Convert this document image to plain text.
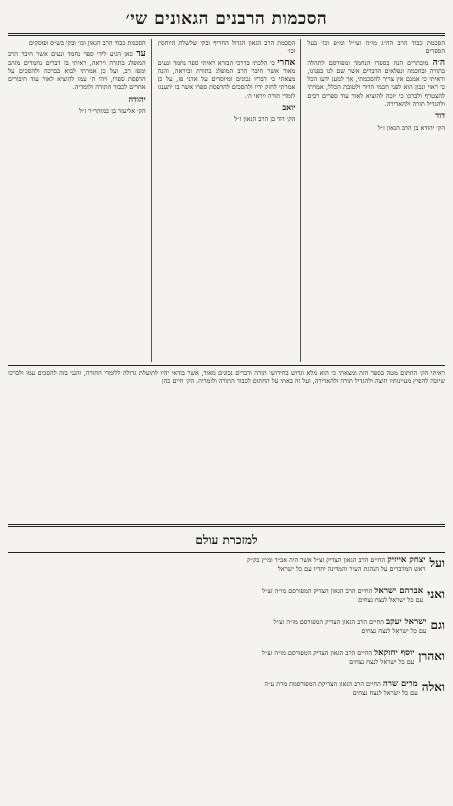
הסכמות הרבנים הגאונים שי׳

הסכמת כבוד הרב הה״ג מו״ה ועי״ל ומ״פ וכו׳ בעל הספרים

ה׳ה מוכתרים הנה בספרו הנחמד ומפורסם לתהלה בתורה ובחכמה ונפלאים הדברים אשר שם לנו בפנינו, וראיתי כי אמנם אין צריך להסכמתי, אך למען ידעו הכל כי ראוי ונכון הוא לפני חכמי הדור ולטובת הכלל, אמרתי להצטרף ולברכו כי יזכה להוציא לאור עוד ספרים רבים ולהגדיל תורה ולהאדירה.

דוד

הק׳ יהודא בן הרב הגאון ז״ל

הסכמת הרב הגאון הגדול החריף ובקי שלשלת היוחסין וכו׳

אחרי כי הלכתי בדרכי הבורא ראיתי ספר נחמד ונעים מאוד אשר חיבר הרב המופלג בתורה וביראה, והנה מצאתי כי דבריו נכונים ומיוסדים על אדני פז, על כן אמרתי לחזק ידיו ולהסכים להדפסת ספרו אשר בו יתענגו לומדי תורה ויראי ה׳.

יואב

הק׳ דוד בן הרב הגאון ז״ל

הסכמת כבוד הרב הגאון וכו׳ ובקי בש״ס ופוסקים

עד כאן הגיע לידי ספר נחמד ונעים אשר חיבר הרב המופלג בתורה ויראה, ראיתי בו דברים נחמדים מזהב ומפז רב, ועל כן אמרתי לבוא בברכה ולהסכים על הדפסת ספרו, ויהי ה׳ עמו להוציא לאור עוד חיבורים אחרים לכבוד התורה ולומדיה.

יהודה

הק׳ אליעזר בן כמוהר״ר ז״ל

ראיתי הק׳ החתום מטה בספר הזה ומצאתי כי הוא מלא וגדוש בחידושי תורה ודברים נכונים מאוד, אשר בודאי יהיו לתועלת גדולה ללומדי התורה, והנני בזה להסכים עמו ולברכו שיזכה להפיץ מעיינותיו חוצה ולהגדיל תורה ולהאדירה, ועל זה באתי על החתום לכבוד התורה ולומדיה. הק׳ חיים כהן

למזכרת עולם
ועל
יצחק אייזיק החיים הרב הגאון הצדיק זצ״ל אשר היה אב״ד ומ״ץ בק״ק
ראש המדברים על הנהגת העיר והמדינה יחדיו עם כל ישראל
ואני
אברהם ישראל החיים הרב הגאון הצדיק המפורסם מו״ה זצ״ל
עם כל ישראל לנצח נצחים
וגם
ישראל יעקב החיים הרב הגאון הצדיק המפורסם מו״ה זצ״ל
עם כל ישראל לנצח נצחים
ואהרן
יוסף יחזקאל החיים הרב הגאון הצדיק המפורסם מו״ה זצ״ל
עם כל ישראל לנצח נצחים
ואלה
מרים שרה החיים הרב הגאון הצדיקת המפורסמת מרת ע״ה
עם כל ישראל לנצח נצחים
